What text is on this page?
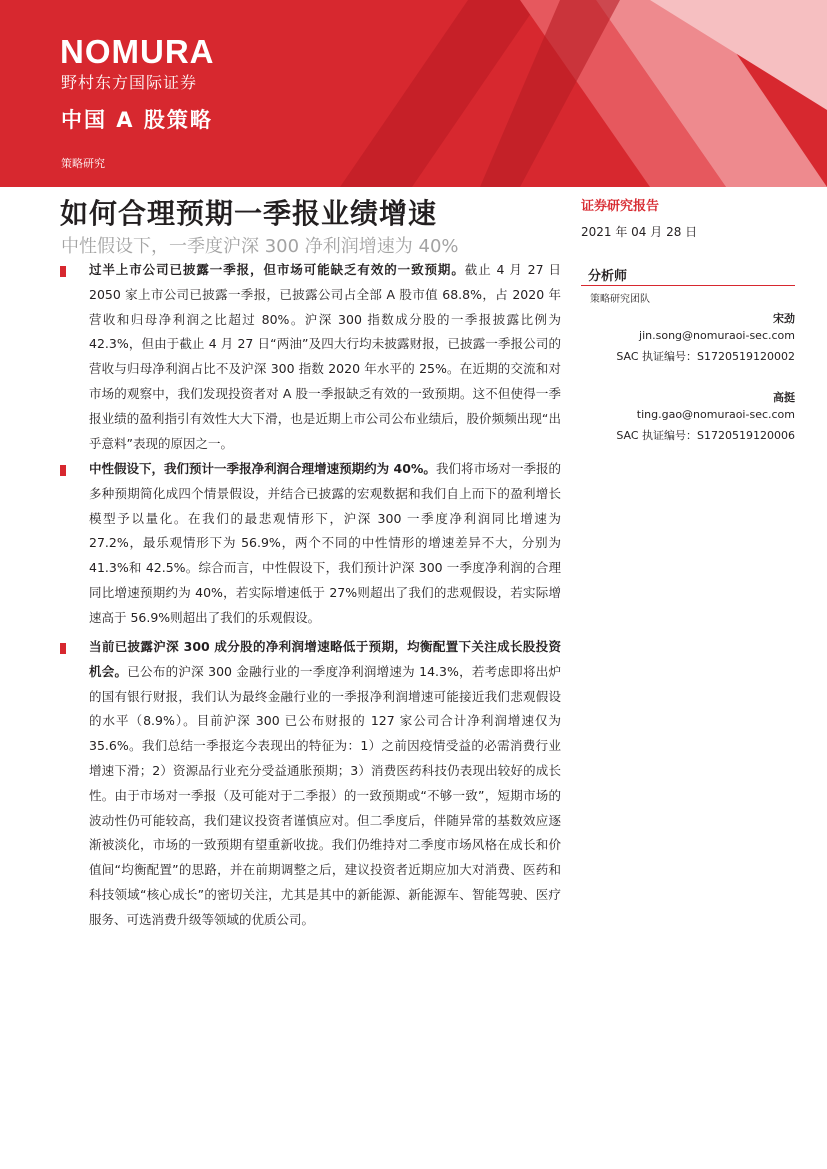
NOMURA
野村东方国际证券
中国 A 股策略
策略研究
如何合理预期一季报业绩增速
中性假设下，一季度沪深 300 净利润增速为 40%
证券研究报告
2021 年 04 月 28 日
分析师
策略研究团队
宋劲
jin.song@nomuraoi-sec.com
SAC 执证编号：S1720519120002
高挺
ting.gao@nomuraoi-sec.com
SAC 执证编号：S1720519120006
过半上市公司已披露一季报，但市场可能缺乏有效的一致预期。截止 4 月 27 日 2050 家上市公司已披露一季报，已披露公司占全部 A 股市值 68.8%，占 2020 年营收和归母净利润之比超过 80%。沪深 300 指数成分股的一季报披露比例为 42.3%，但由于截止 4 月 27 日“两油”及四大行均未披露财报，已披露一季报公司的营收与归母净利润占比不及沪深 300 指数 2020 年水平的 25%。在近期的交流和对市场的观察中，我们发现投资者对 A 股一季报缺乏有效的一致预期。这不但使得一季报业绩的盈利指引有效性大大下滑，也是近期上市公司公布业绩后，股价频频出现“出乎意料”表现的原因之一。
中性假设下，我们预计一季报净利润合理增速预期约为 40%。我们将市场对一季报的多种预期简化成四个情景假设，并结合已披露的宏观数据和我们自上而下的盈利增长模型予以量化。在我们的最悲观情形下，沪深 300 一季度净利润同比增速为 27.2%，最乐观情形下为 56.9%，两个不同的中性情形的增速差异不大，分别为 41.3%和 42.5%。综合而言，中性假设下，我们预计沪深 300 一季度净利润的合理同比增速预期约为 40%，若实际增速低于 27%则超出了我们的悲观假设，若实际增速高于 56.9%则超出了我们的乐观假设。
当前已披露沪深 300 成分股的净利润增速略低于预期，均衡配置下关注成长股投资机会。已公布的沪深 300 金融行业的一季度净利润增速为 14.3%，若考虑即将出炉的国有银行财报，我们认为最终金融行业的一季报净利润增速可能接近我们悲观假设的水平（8.9%）。目前沪深 300 已公布财报的 127 家公司合计净利润增速仅为 35.6%。我们总结一季报迄今表现出的特征为：1）之前因疫情受益的必需消费行业增速下滑；2）资源品行业充分受益通胀预期；3）消费医药科技仍表现出较好的成长性。由于市场对一季报（及可能对于二季报）的一致预期或“不够一致”，短期市场的波动性仍可能较高，我们建议投资者谨慎应对。但二季度后，伴随异常的基数效应逐渐被淡化，市场的一致预期有望重新收拢。我们仍维持对二季度市场风格在成长和价值间“均衡配置”的思路，并在前期调整之后，建议投资者近期应加大对消费、医药和科技领域“核心成长”的密切关注，尤其是其中的新能源、新能源车、智能驾驶、医疗服务、可选消费升级等领域的优质公司。
